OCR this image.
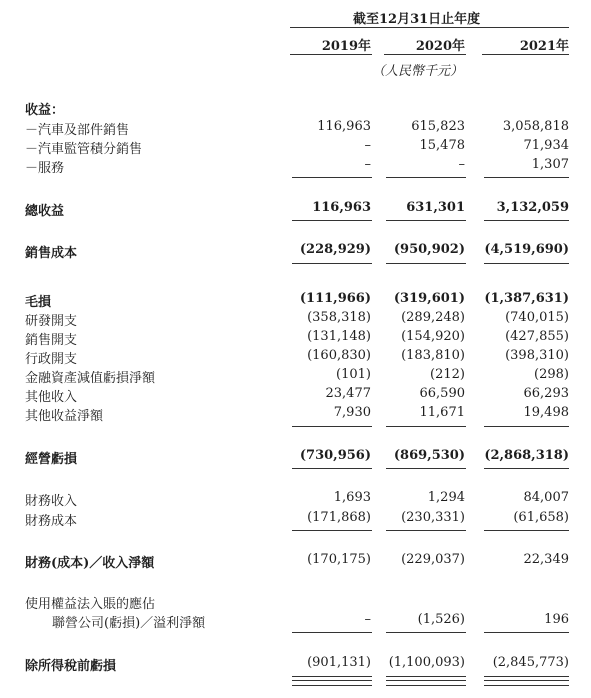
截至12月31日止年度
2019年	2020年	2021年
（人民幣千元）
收益：
－汽車及部件銷售	116,963	615,823	3,058,818
－汽車監管積分銷售	–	15,478	71,934
－服務	–	–	1,307
總收益	116,963	631,301 3,132,059
銷售成本	(228,929) (950,902) (4,519,690)
毛損	(111,966) (319,601) (1,387,631)
研發開支	(358,318) (289,248)	(740,015)
銷售開支	(131,148) (154,920)	(427,855)
行政開支	(160,830) (183,810)	(398,310)
金融資產減值虧損淨額	(101)	(212)	(298)
其他收入	23,477	66,590	66,293
其他收益淨額	7,930	11,671	19,498
經營虧損	(730,956) (869,530) (2,868,318)
財務收入	1,693	1,294	84,007
財務成本	(171,868) (230,331)	(61,658)
財務(成本)／收入淨額	(170,175) (229,037)	22,349
使用權益法入賬的應佔
聯營公司(虧損)／溢利淨額	–	(1,526)	196
除所得稅前虧損	(901,131) (1,100,093) (2,845,773)
